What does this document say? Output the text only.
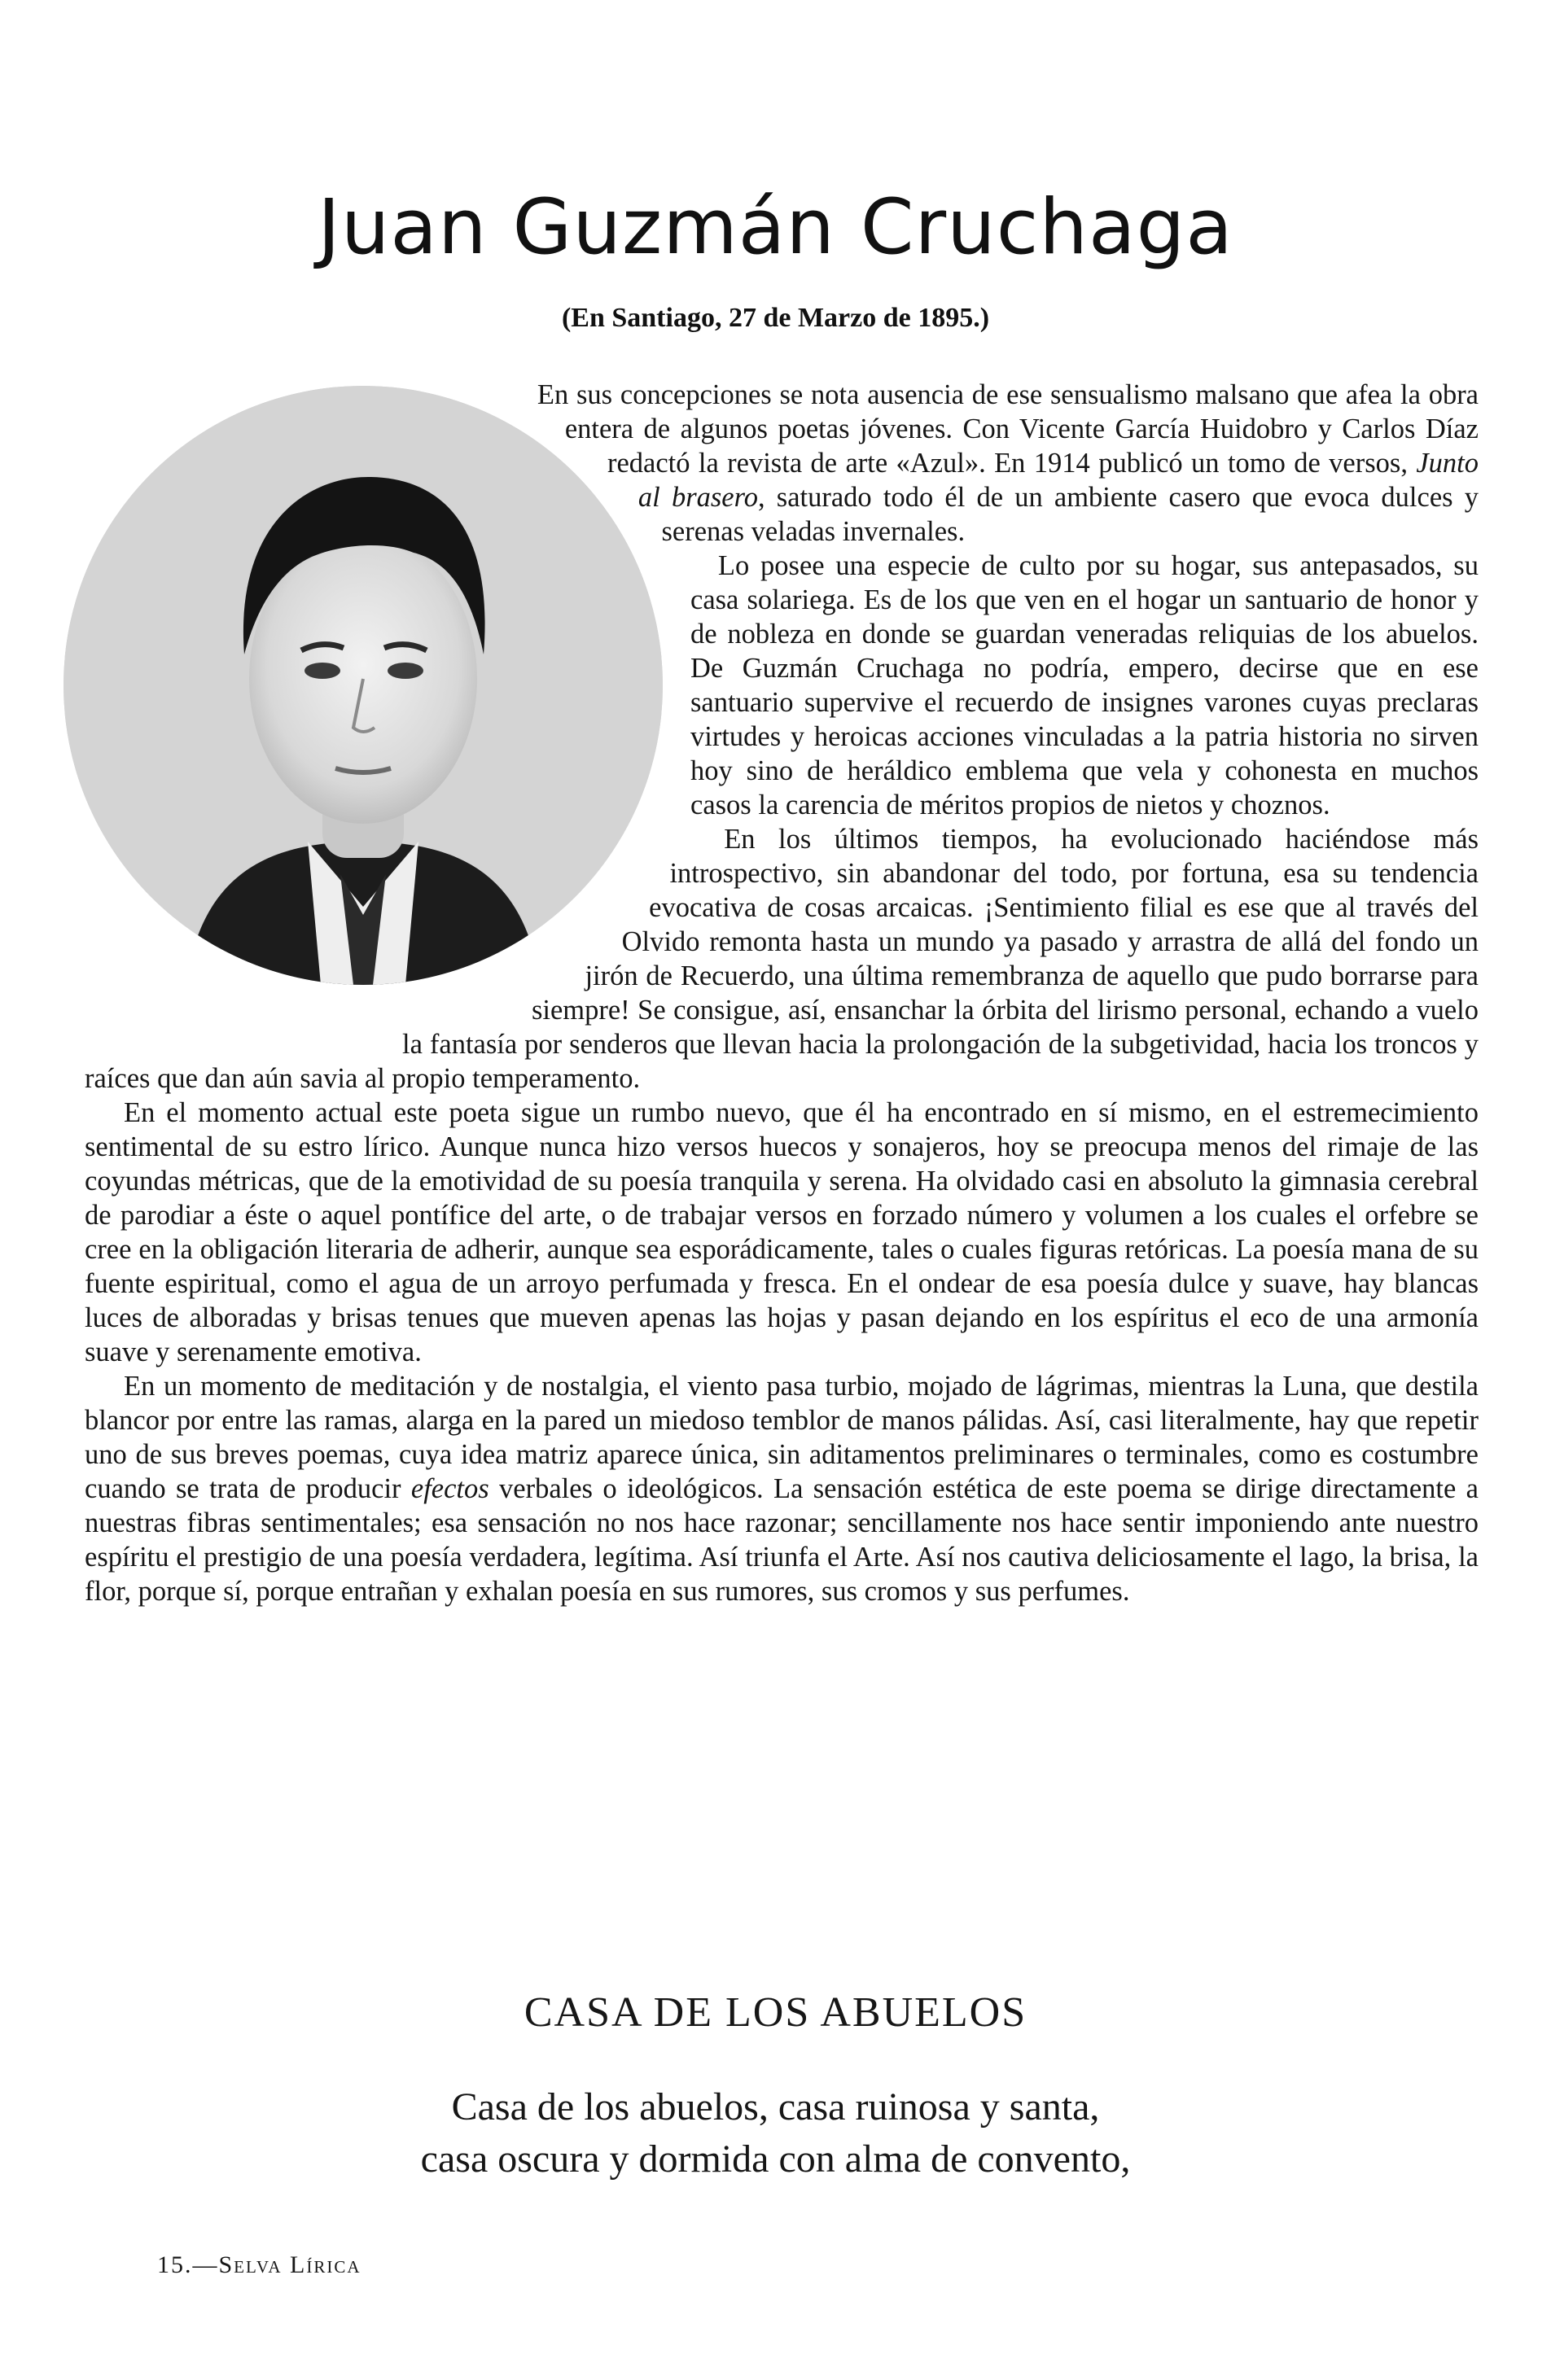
Juan Guzmán Cruchaga
(En Santiago, 27 de Marzo de 1895.)

En sus concepciones se nota ausencia de ese sensualismo malsano que afea la obra entera de algunos poetas jóvenes. Con Vicente García Huidobro y Carlos Díaz redactó la revista de arte «Azul». En 1914 publicó un tomo de versos, Junto al brasero, saturado todo él de un ambiente casero que evoca dulces y serenas veladas invernales.

Lo posee una especie de culto por su hogar, sus antepasados, su casa solariega. Es de los que ven en el hogar un santuario de honor y de nobleza en donde se guardan veneradas reliquias de los abuelos. De Guzmán Cruchaga no podría, empero, decirse que en ese santuario supervive el recuerdo de insignes varones cuyas preclaras virtudes y heroicas acciones vinculadas a la patria historia no sirven hoy sino de heráldico emblema que vela y cohonesta en muchos casos la carencia de méritos propios de nietos y choznos.

En los últimos tiempos, ha evolucionado haciéndose más introspectivo, sin abandonar del todo, por fortuna, esa su tendencia evocativa de cosas arcaicas. ¡Sentimiento filial es ese que al través del Olvido remonta hasta un mundo ya pasado y arrastra de allá del fondo un jirón de Recuerdo, una última remembranza de aquello que pudo borrarse para siempre! Se consigue, así, ensanchar la órbita del lirismo personal, echando a vuelo la fantasía por senderos que llevan hacia la prolongación de la subgetividad, hacia los troncos y raíces que dan aún savia al propio temperamento.

En el momento actual este poeta sigue un rumbo nuevo, que él ha encontrado en sí mismo, en el estremecimiento sentimental de su estro lírico. Aunque nunca hizo versos huecos y sonajeros, hoy se preocupa menos del rimaje de las coyundas métricas, que de la emotividad de su poesía tranquila y serena. Ha olvidado casi en absoluto la gimnasia cerebral de parodiar a éste o aquel pontífice del arte, o de trabajar versos en forzado número y volumen a los cuales el orfebre se cree en la obligación literaria de adherir, aunque sea esporádicamente, tales o cuales figuras retóricas. La poesía mana de su fuente espiritual, como el agua de un arroyo perfumada y fresca. En el ondear de esa poesía dulce y suave, hay blancas luces de alboradas y brisas tenues que mueven apenas las hojas y pasan dejando en los espíritus el eco de una armonía suave y serenamente emotiva.

En un momento de meditación y de nostalgia, el viento pasa turbio, mojado de lágrimas, mientras la Luna, que destila blancor por entre las ramas, alarga en la pared un miedoso temblor de manos pálidas. Así, casi literalmente, hay que repetir uno de sus breves poemas, cuya idea matriz aparece única, sin aditamentos preliminares o terminales, como es costumbre cuando se trata de producir efectos verbales o ideológicos. La sensación estética de este poema se dirige directamente a nuestras fibras sentimentales; esa sensación no nos hace razonar; sencillamente nos hace sentir imponiendo ante nuestro espíritu el prestigio de una poesía verdadera, legítima. Así triunfa el Arte. Así nos cautiva deliciosamente el lago, la brisa, la flor, porque sí, porque entrañan y exhalan poesía en sus rumores, sus cromos y sus perfumes.

CASA DE LOS ABUELOS
Casa de los abuelos, casa ruinosa y santa,
casa oscura y dormida con alma de convento,
15.—Selva Lírica
